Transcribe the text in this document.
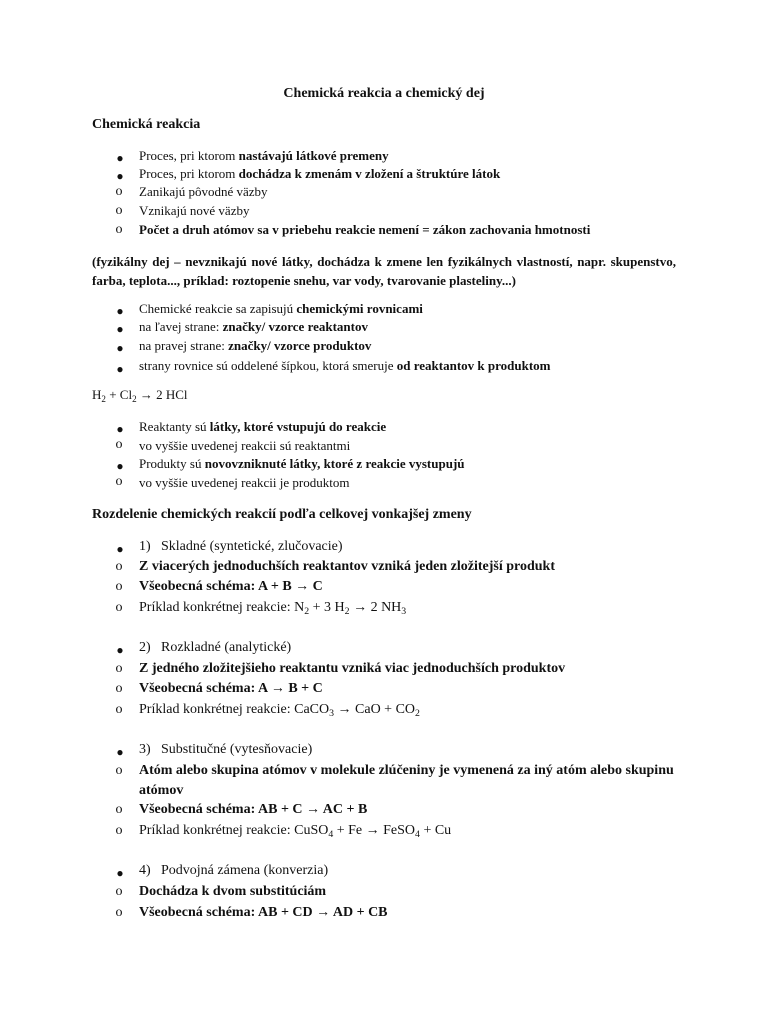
Chemická reakcia a chemický dej
Chemická reakcia
●	Proces, pri ktorom nastávajú látkové premeny
●	Proces, pri ktorom dochádza k zmenám v zložení a štruktúre látok
o	Zanikajú pôvodné väzby
o	Vznikajú nové väzby
o	Počet a druh atómov sa v priebehu reakcie nemení = zákon zachovania hmotnosti
(fyzikálny dej – nevznikajú nové látky, dochádza k zmene len fyzikálnych vlastností, napr. skupenstvo, farba, teplota..., príklad: roztopenie snehu, var vody, tvarovanie plasteliny...)
●	Chemické reakcie sa zapisujú chemickými rovnicami
●	na ľavej strane: značky/ vzorce reaktantov
●	na pravej strane: značky/ vzorce produktov
●	strany rovnice sú oddelené šípkou, ktorá smeruje od reaktantov k produktom
$H_2 + Cl_2 \to 2$ HCl
●	Reaktanty sú látky, ktoré vstupujú do reakcie
o	vo vyššie uvedenej reakcii sú reaktantmi
●	Produkty sú novovzniknuté látky, ktoré z reakcie vystupujú
o	vo vyššie uvedenej reakcii je produktom
Rozdelenie chemických reakcií podľa celkovej vonkajšej zmeny
●	1) Skladné (syntetické, zlučovacie)
o	Z viacerých jednoduchších reaktantov vzniká jeden zložitejší produkt
o	Všeobecná schéma: A + B → C
o	Príklad konkrétnej reakcie: $N_2 + 3$ $H_2 \to 2$ $NH_3$
●	2) Rozkladné (analytické)
o	Z jedného zložitejšieho reaktantu vzniká viac jednoduchších produktov
o	Všeobecná schéma: A → B + C
o	Príklad konkrétnej reakcie: CaCO$_3$ → CaO + $CO_2$
●	3) Substitučné (vytesňovacie)
o	Atóm alebo skupina atómov v molekule zlúčeniny je vymenená za iný atóm alebo skupinu atómov
o	Všeobecná schéma: AB + C → AC + B
o	Príklad konkrétnej reakcie: CuSO$_4$ + Fe → FeSO$_4$ + Cu
●	4) Podvojná zámena (konverzia)
o	Dochádza k dvom substitúciám
o	Všeobecná schéma: AB + CD → AD + CB
